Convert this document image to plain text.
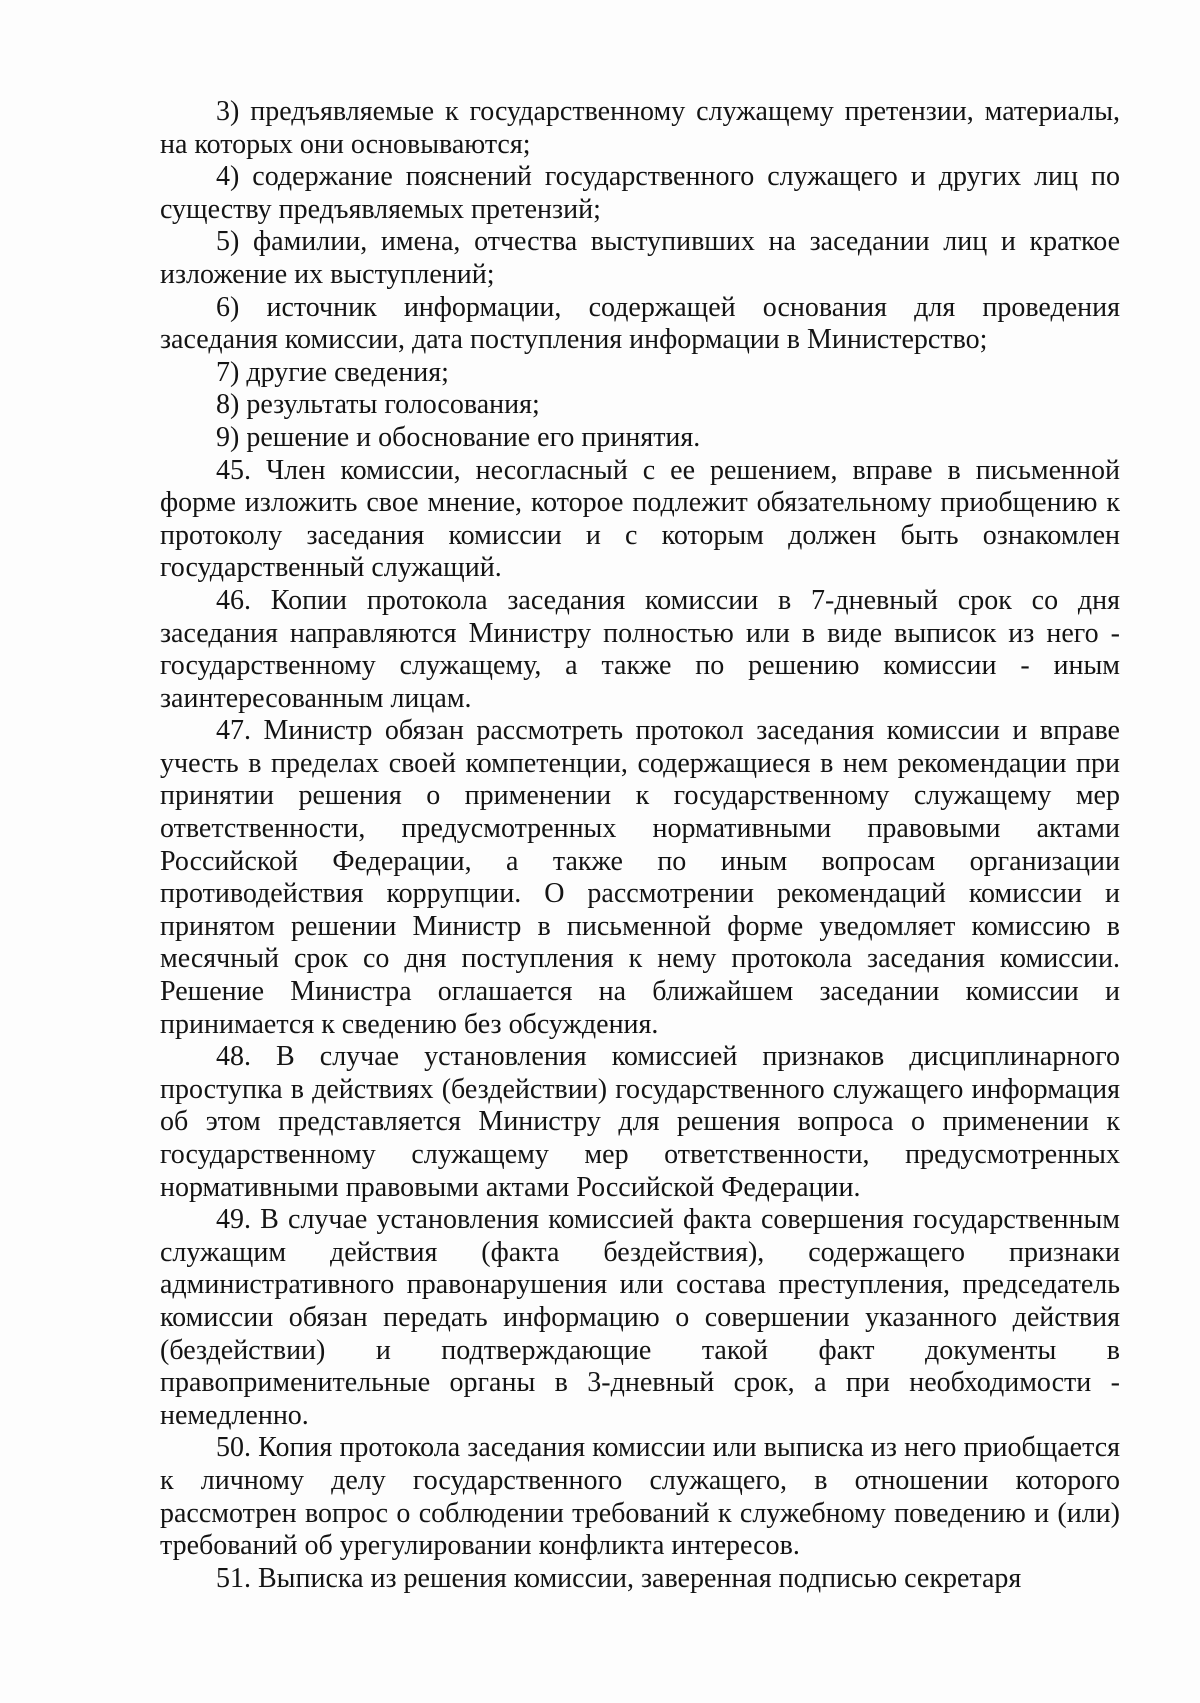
3) предъявляемые к государственному служащему претензии, материалы, на которых они основываются;

4) содержание пояснений государственного служащего и других лиц по существу предъявляемых претензий;

5) фамилии, имена, отчества выступивших на заседании лиц и краткое изложение их выступлений;

6) источник информации, содержащей основания для проведения заседания комиссии, дата поступления информации в Министерство;

7) другие сведения;

8) результаты голосования;

9) решение и обоснование его принятия.

45. Член комиссии, несогласный с ее решением, вправе в письменной форме изложить свое мнение, которое подлежит обязательному приобщению к протоколу заседания комиссии и с которым должен быть ознакомлен государственный служащий.

46. Копии протокола заседания комиссии в 7-дневный срок со дня заседания направляются Министру полностью или в виде выписок из него - государственному служащему, а также по решению комиссии - иным заинтересованным лицам.

47. Министр обязан рассмотреть протокол заседания комиссии и вправе учесть в пределах своей компетенции, содержащиеся в нем рекомендации при принятии решения о применении к государственному служащему мер ответственности, предусмотренных нормативными правовыми актами Российской Федерации, а также по иным вопросам организации противодействия коррупции. О рассмотрении рекомендаций комиссии и принятом решении Министр в письменной форме уведомляет комиссию в месячный срок со дня поступления к нему протокола заседания комиссии. Решение Министра оглашается на ближайшем заседании комиссии и принимается к сведению без обсуждения.

48. В случае установления комиссией признаков дисциплинарного проступка в действиях (бездействии) государственного служащего информация об этом представляется Министру для решения вопроса о применении к государственному служащему мер ответственности, предусмотренных нормативными правовыми актами Российской Федерации.

49. В случае установления комиссией факта совершения государственным служащим действия (факта бездействия), содержащего признаки административного правонарушения или состава преступления, председатель комиссии обязан передать информацию о совершении указанного действия (бездействии) и подтверждающие такой факт документы в правоприменительные органы в 3-дневный срок, а при необходимости - немедленно.

50. Копия протокола заседания комиссии или выписка из него приобщается к личному делу государственного служащего, в отношении которого рассмотрен вопрос о соблюдении требований к служебному поведению и (или) требований об урегулировании конфликта интересов.

51. Выписка из решения комиссии, заверенная подписью секретаря
